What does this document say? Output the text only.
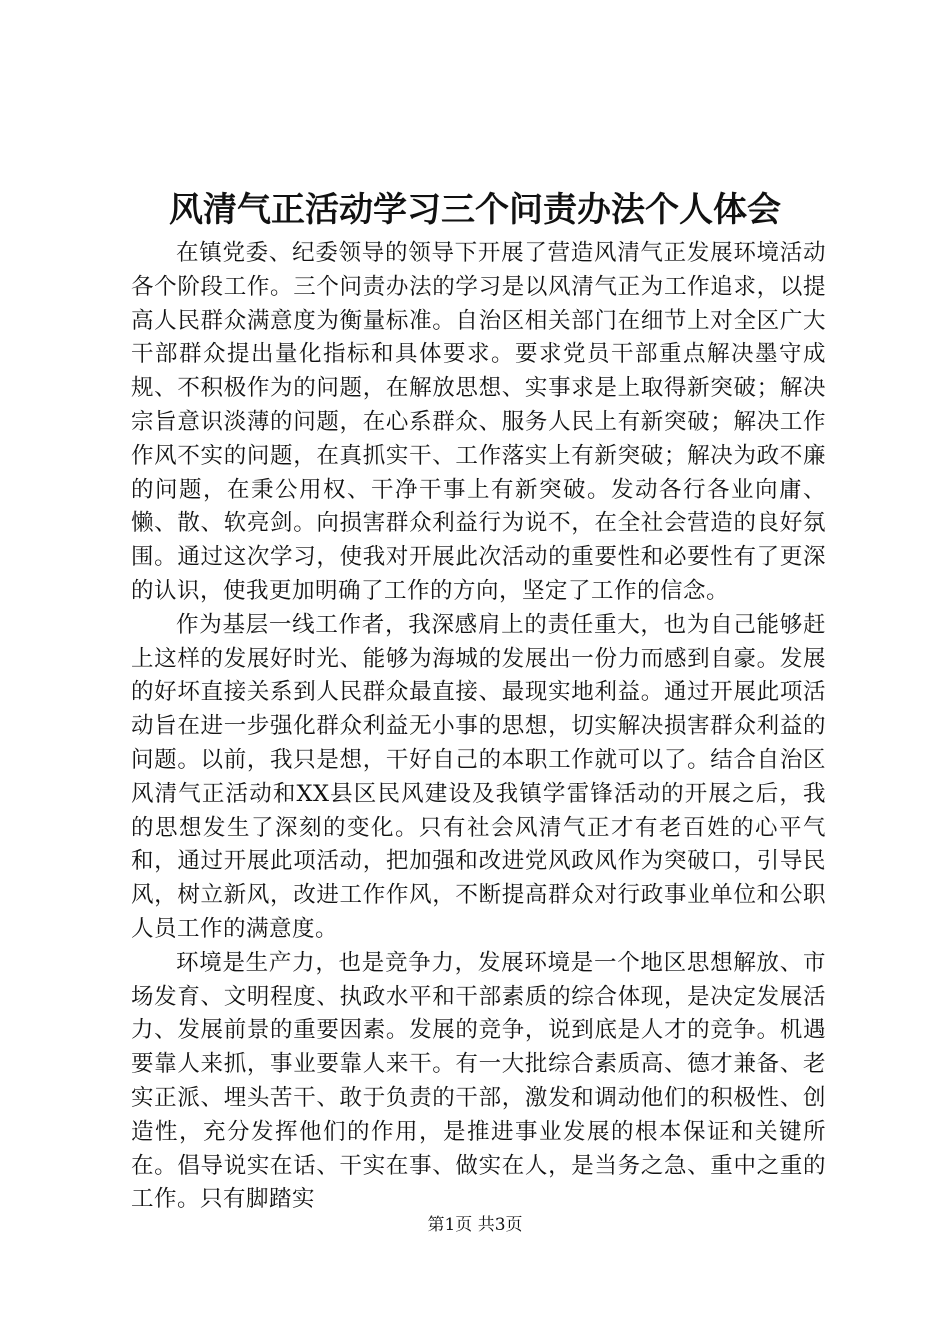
风清气正活动学习三个问责办法个人体会

在镇党委、纪委领导的领导下开展了营造风清气正发展环境活动各个阶段工作。三个问责办法的学习是以风清气正为工作追求，以提高人民群众满意度为衡量标准。自治区相关部门在细节上对全区广大干部群众提出量化指标和具体要求。要求党员干部重点解决墨守成规、不积极作为的问题，在解放思想、实事求是上取得新突破；解决宗旨意识淡薄的问题，在心系群众、服务人民上有新突破；解决工作作风不实的问题，在真抓实干、工作落实上有新突破；解决为政不廉的问题，在秉公用权、干净干事上有新突破。发动各行各业向庸、懒、散、软亮剑。向损害群众利益行为说不，在全社会营造的良好氛围。通过这次学习，使我对开展此次活动的重要性和必要性有了更深的认识，使我更加明确了工作的方向，坚定了工作的信念。

作为基层一线工作者，我深感肩上的责任重大，也为自己能够赶上这样的发展好时光、能够为海城的发展出一份力而感到自豪。发展的好坏直接关系到人民群众最直接、最现实地利益。通过开展此项活动旨在进一步强化群众利益无小事的思想，切实解决损害群众利益的问题。以前，我只是想，干好自己的本职工作就可以了。结合自治区风清气正活动和XX县区民风建设及我镇学雷锋活动的开展之后，我的思想发生了深刻的变化。只有社会风清气正才有老百姓的心平气和，通过开展此项活动，把加强和改进党风政风作为突破口，引导民风，树立新风，改进工作作风，不断提高群众对行政事业单位和公职人员工作的满意度。

环境是生产力，也是竞争力，发展环境是一个地区思想解放、市场发育、文明程度、执政水平和干部素质的综合体现，是决定发展活力、发展前景的重要因素。发展的竞争，说到底是人才的竞争。机遇要靠人来抓，事业要靠人来干。有一大批综合素质高、德才兼备、老实正派、埋头苦干、敢于负责的干部，激发和调动他们的积极性、创造性，充分发挥他们的作用，是推进事业发展的根本保证和关键所在。倡导说实在话、干实在事、做实在人，是当务之急、重中之重的工作。只有脚踏实

第1页 共3页
